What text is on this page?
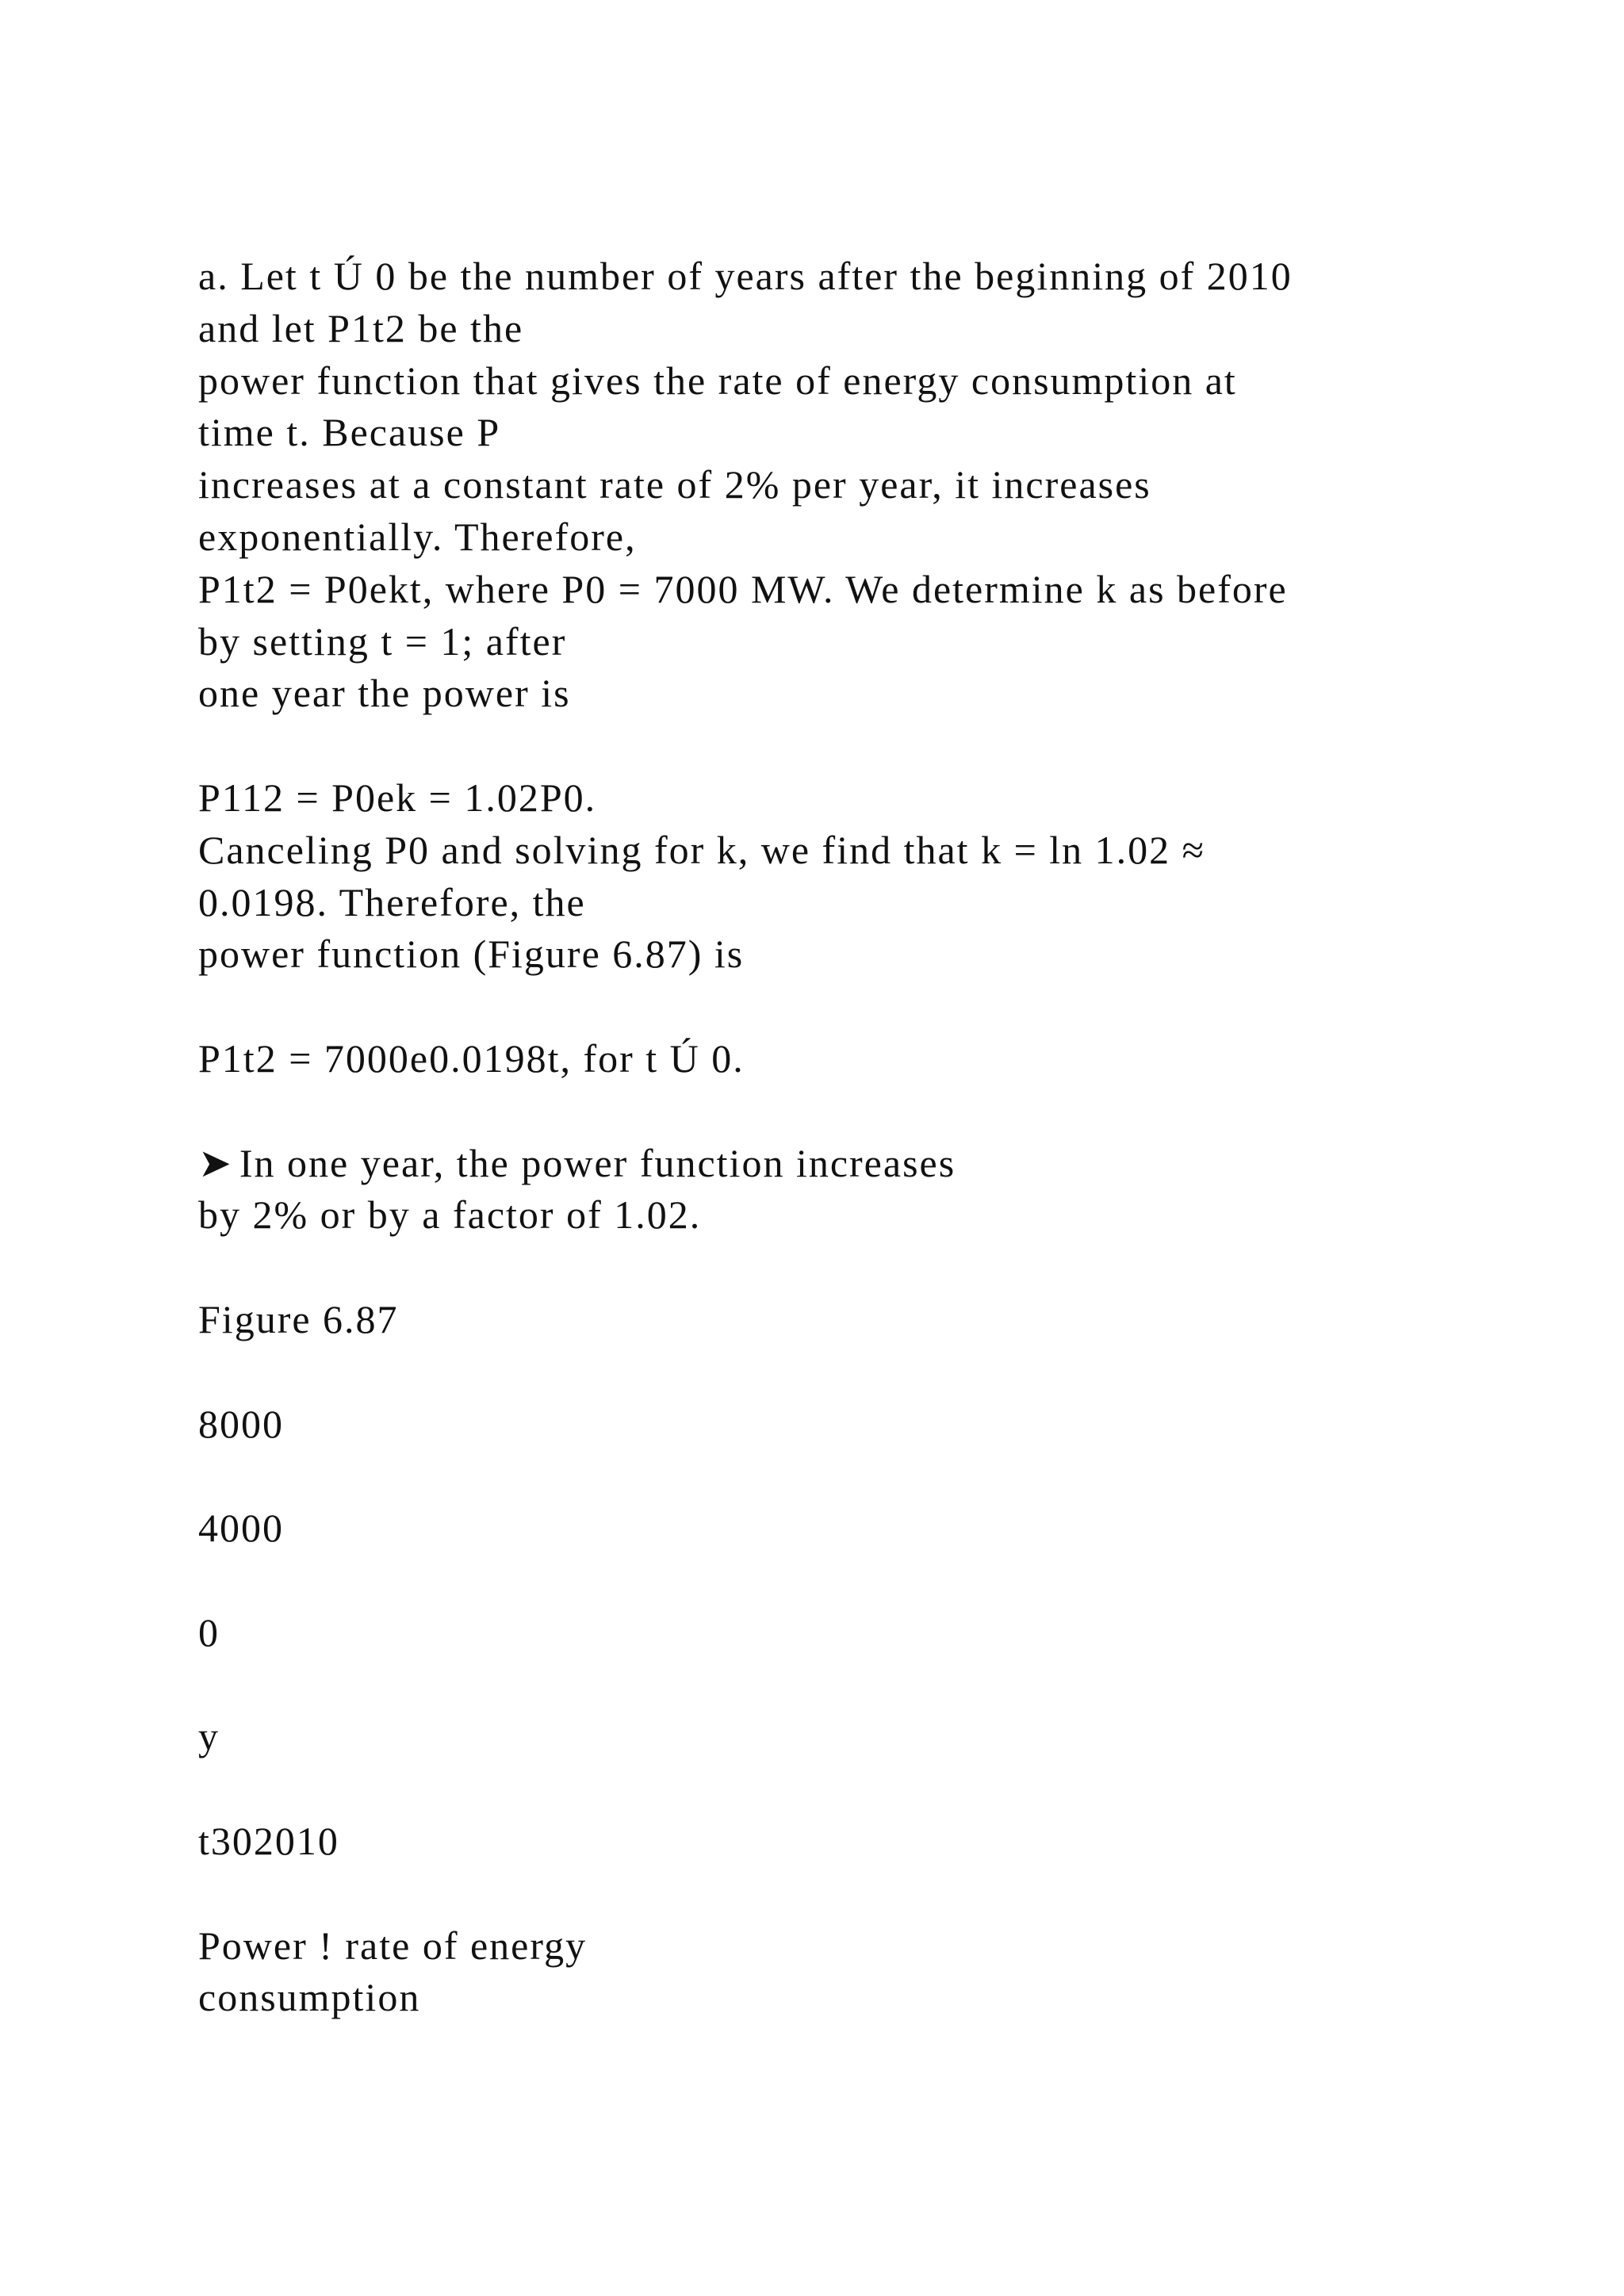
a. Let t Ú 0 be the number of years after the beginning of 2010
and let P1t2 be the
power function that gives the rate of energy consumption at
time t. Because P
increases at a constant rate of 2% per year, it increases
exponentially. Therefore,
P1t2 = P0ekt, where P0 = 7000 MW. We determine k as before
by setting t = 1; after
one year the power is
P112 = P0ek = 1.02P0.
Canceling P0 and solving for k, we find that k = ln 1.02 ≈
0.0198. Therefore, the
power function (Figure 6.87) is
P1t2 = 7000e0.0198t, for t Ú 0.
➤ In one year, the power function increases
by 2% or by a factor of 1.02.
Figure 6.87
8000
4000
0
y
t302010
Power ! rate of energy
consumption
